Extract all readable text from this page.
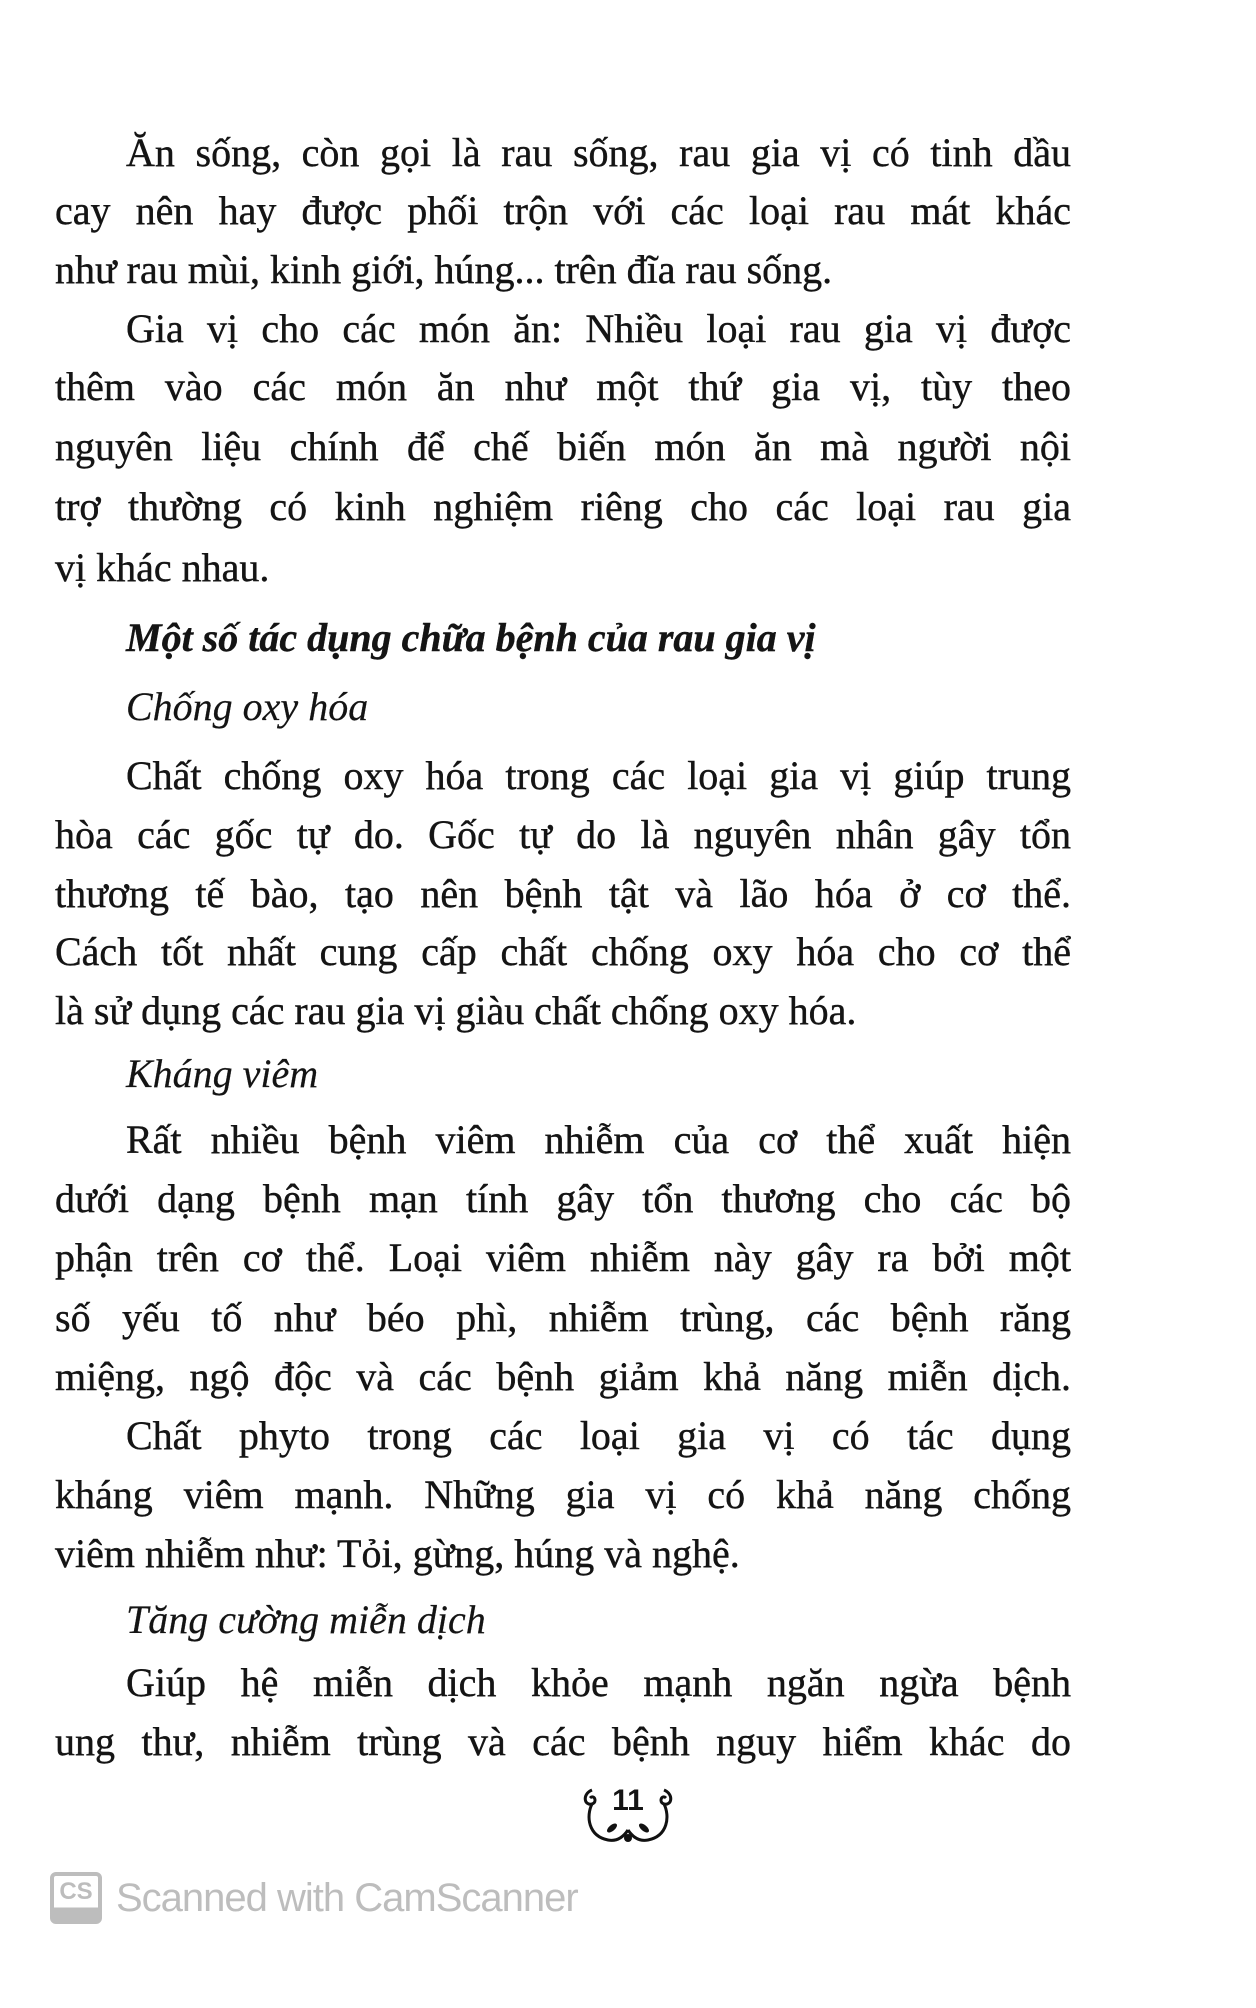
Ăn sống, còn gọi là rau sống, rau gia vị có tinh dầu
cay nên hay được phối trộn với các loại rau mát khác
như rau mùi, kinh giới, húng... trên đĩa rau sống.
Gia vị cho các món ăn: Nhiều loại rau gia vị được
thêm vào các món ăn như một thứ gia vị, tùy theo
nguyên liệu chính để chế biến món ăn mà người nội
trợ thường có kinh nghiệm riêng cho các loại rau gia
vị khác nhau.
Một số tác dụng chữa bệnh của rau gia vị
Chống oxy hóa
Chất chống oxy hóa trong các loại gia vị giúp trung
hòa các gốc tự do. Gốc tự do là nguyên nhân gây tổn
thương tế bào, tạo nên bệnh tật và lão hóa ở cơ thể.
Cách tốt nhất cung cấp chất chống oxy hóa cho cơ thể
là sử dụng các rau gia vị giàu chất chống oxy hóa.
Kháng viêm
Rất nhiều bệnh viêm nhiễm của cơ thể xuất hiện
dưới dạng bệnh mạn tính gây tổn thương cho các bộ
phận trên cơ thể. Loại viêm nhiễm này gây ra bởi một
số yếu tố như béo phì, nhiễm trùng, các bệnh răng
miệng, ngộ độc và các bệnh giảm khả năng miễn dịch.
Chất phyto trong các loại gia vị có tác dụng
kháng viêm mạnh. Những gia vị có khả năng chống
viêm nhiễm như: Tỏi, gừng, húng và nghệ.
Tăng cường miễn dịch
Giúp hệ miễn dịch khỏe mạnh ngăn ngừa bệnh
ung thư, nhiễm trùng và các bệnh nguy hiểm khác do
11
CS Scanned with CamScanner
